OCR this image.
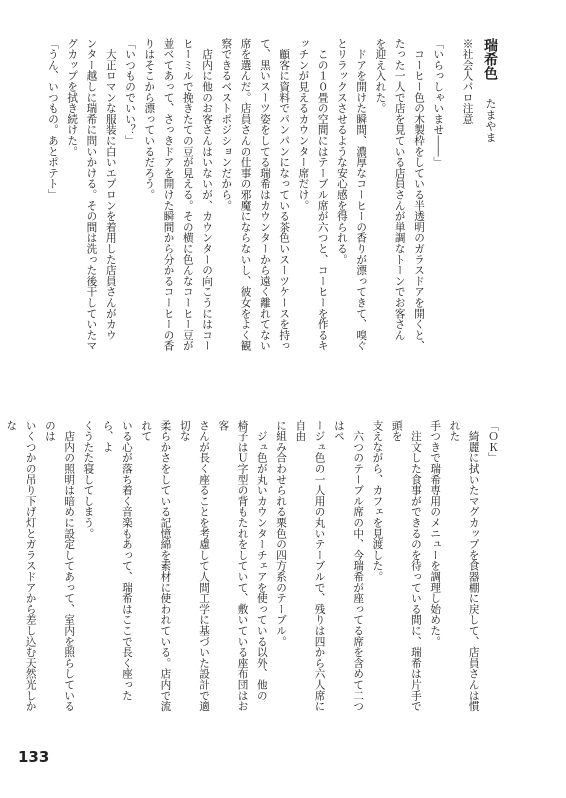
瑞希色たまやま
※社会人パロ注意
「いらっしゃいませ――」
　コーヒー色の木製枠をしている半透明のガラスドアを開くと、
たった一人で店を見ている店員さんが単調なトーンでお客さん
を迎え入れた。
　ドアを開けた瞬間、濃厚なコーヒーの香りが漂ってきて、嗅ぐ
とリラックスさせるような安心感を得られる。
　この１０畳の空間にはテーブル席が六つと、コーヒーを作るキ
ッチンが見えるカウンター席だけ。
　顧客に資料でパンパンになっている茶色いスーツケースを持っ
て、黒いスーツ姿をしてる瑞希はカウンターから遠く離れてない
席を選んだ。店員さんの仕事の邪魔にならないし、彼女をよく観
察できるベストポジションだから。
　店内に他のお客さんはいないが、カウンターの向こうにはコー
ヒーミルで挽きたての豆が見える。その横に色んなコーヒー豆が
並べてあって、さっきドアを開けた瞬間から分かるコーヒーの香
りはそこから漂っているだろう。
「いつものでいい？」
　大正ロマンな服装に白いエプロンを着用した店員さんがカウ
ンター越しに瑞希に問いかける。その間は洗った後干していたマ
グカップを拭き続けた。
「うん、いつもの。あとポテト」
「ＯＫ」
　綺麗に拭いたマグカップを食器棚に戻して、店員さんは慣れた
手つきで瑞希専用のメニューを調理し始めた。
　注文した食事ができるのを待っている間に、瑞希は片手で頭を
支えながら、カフェを見渡した。
　六つのテーブル席の中、今瑞希が座ってる席を含めて二つはペ
ージュ色の一人用の丸いテーブルで、残りは四から六人席に自由
に組み合わせられる栗色の四方系のテーブル。
　ジュ色が丸いカウンターチェアを使っている以外、他の
椅子はＵ字型の背もたれをしていて、敷いている座布団はお客
さんが長く座ることを考慮して人間工学に基づいた設計で適切な
柔らかさをしている記憶綿を素材に使われている。店内で流れて
いる心が落ち着く音楽もあって、瑞希はここで長く座ったら、よ
くうたた寝してしまう。
　店内の照明は暗めに設定してあって、室内を照らしているのは
いくつかの吊り下げ灯とガラスドアから差し込む天然光しかな
133
